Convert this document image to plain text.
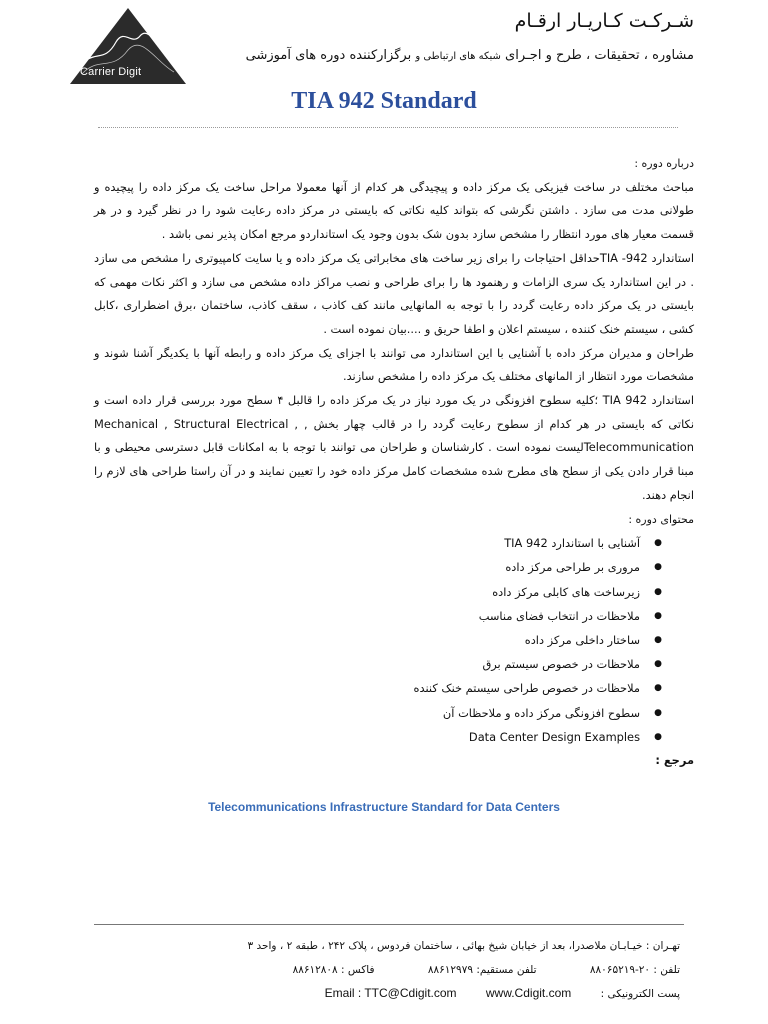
Carrier Digit
شـرکـت کـاریـار ارقـام
مشاوره ، تحقیقات ، طرح و اجـرای شبکه های ارتباطی و برگزارکننده دوره های آموزشی
TIA 942 Standard

درباره دوره :

مباحث مختلف در ساخت فیزیکی یک مرکز داده و پیچیدگی هر کدام از آنها معمولا مراحل ساخت یک مرکز داده را پیچیده و طولانی مدت می سازد . داشتن نگرشی که بتواند کلیه نکاتی که بایستی در مرکز داده رعایت شود را در نظر گیرد و در هر قسمت معیار های مورد انتظار را مشخص سازد بدون شک بدون وجود یک استانداردو مرجع امکان پذیر نمی باشد .

استاندارد 942- TIAحداقل احتیاجات را برای زیر ساخت های مخابراتی یک مرکز داده و یا سایت کامپیوتری را مشخص می سازد . در این استاندارد یک سری الزامات و رهنمود ها را برای طراحی و نصب مراکز داده مشخص می سازد و اکثر نکات مهمی که بایستی در یک مرکز داده رعایت گردد را با توجه به المانهایی مانند کف کاذب ، سقف کاذب، ساختمان ،برق اضطراری ،کابل کشی ، سیستم خنک کننده ، سیستم اعلان و اطفا حریق و ....بیان نموده است .

طراحان و مدیران مرکز داده با آشنایی با این استاندارد می توانند با اجزای یک مرکز داده و رابطه آنها با یکدیگر آشنا شوند و مشخصات مورد انتظار از المانهای مختلف یک مرکز داده را مشخص سازند.

استاندارد TIA 942 ؛کلیه سطوح افزونگی در یک مورد نیاز در یک مرکز داده را قالبل ۴ سطح مورد بررسی قرار داده است و نکاتی که بایستی در هر کدام از سطوح رعایت گردد را در قالب چهار بخش , Mechanical , Structural Electrical , Telecommunicationلیست نموده است . کارشناسان و طراحان می توانند با توجه با به امکانات قابل دسترسی محیطی و با مبنا قرار دادن یکی از سطح های مطرح شده مشخصات کامل مرکز داده خود را تعیین نمایند و در آن راستا طراحی های لازم را انجام دهند.

محتوای دوره :

● آشنایی با استاندارد TIA 942
● مروری بر طراحی مرکز داده
● زیرساخت های کابلی مرکز داده
● ملاحظات در انتخاب فضای مناسب
● ساختار داخلی مرکز داده
● ملاحظات در خصوص سیستم برق
● ملاحظات در خصوص طراحی سیستم خنک کننده
● سطوح افزونگی مرکز داده و ملاحظات آن
● Data Center Design Examples

مرجع :

Telecommunications Infrastructure Standard for Data Centers
تهـران : خیـابـان ملاصدرا، بعد از خیابان شیخ بهائی ، ساختمان فردوس ، پلاک ۲۴۲ ، طبقه ۲ ، واحد ۳
تلفن : ۸۸۰۶۵۲۱۹-۲۰ تلفن مستقیم: ۸۸۶۱۲۹۷۹ فاکس : ۸۸۶۱۲۸۰۸
پست الکترونیکی : www.Cdigit.com Email : TTC@Cdigit.com
